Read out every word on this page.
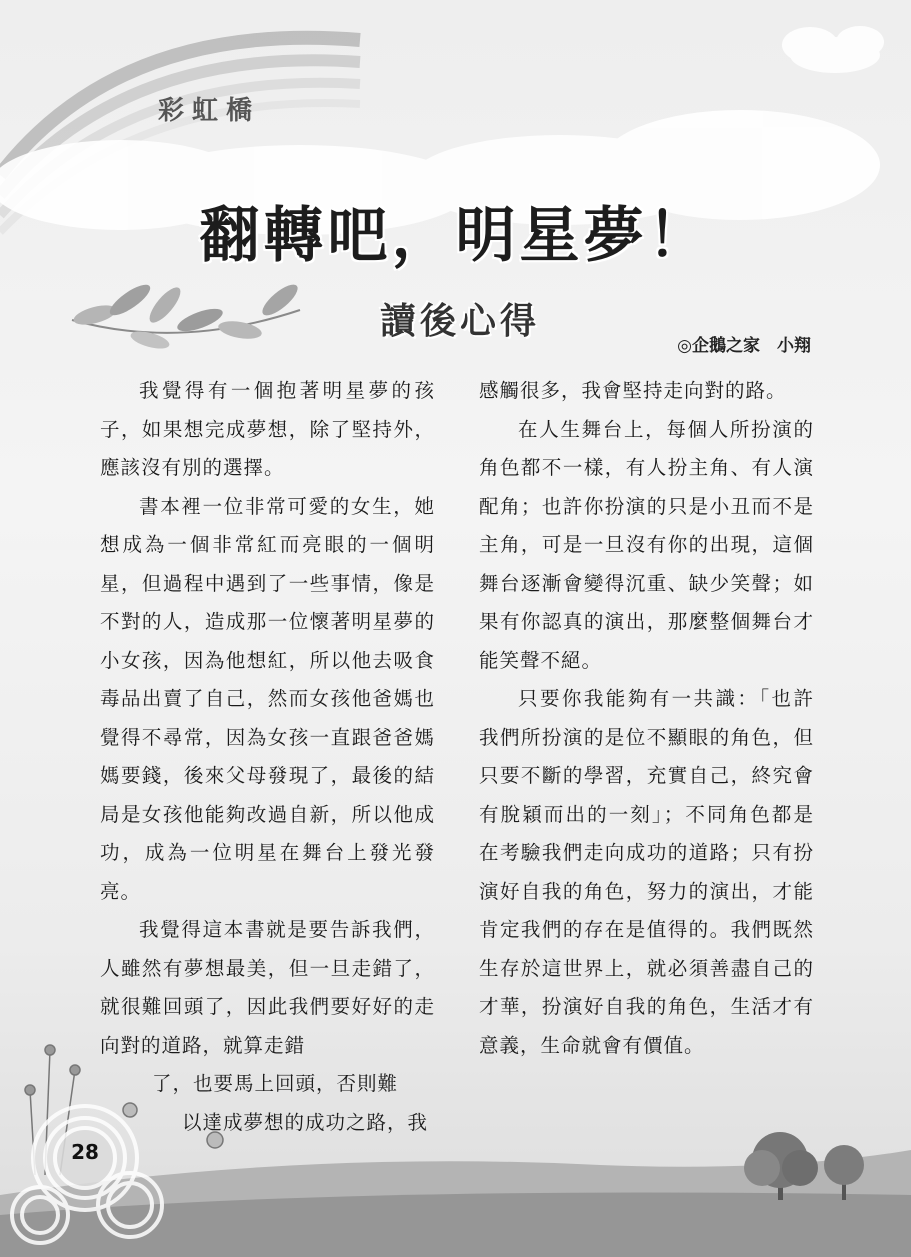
彩虹橋
翻轉吧，明星夢！
讀後心得
◎企鵝之家　小翔

我覺得有一個抱著明星夢的孩子，如果想完成夢想，除了堅持外，應該沒有別的選擇。

書本裡一位非常可愛的女生，她想成為一個非常紅而亮眼的一個明星，但過程中遇到了一些事情，像是不對的人，造成那一位懷著明星夢的小女孩，因為他想紅，所以他去吸食毒品出賣了自己，然而女孩他爸媽也覺得不尋常，因為女孩一直跟爸爸媽媽要錢，後來父母發現了，最後的結局是女孩他能夠改過自新，所以他成功，成為一位明星在舞台上發光發亮。

我覺得這本書就是要告訴我們，人雖然有夢想最美，但一旦走錯了，就很難回頭了，因此我們要好好的走向對的道路，就算走錯

了，也要馬上回頭，否則難

以達成夢想的成功之路，我

感觸很多，我會堅持走向對的路。

在人生舞台上，每個人所扮演的角色都不一樣，有人扮主角、有人演配角；也許你扮演的只是小丑而不是主角，可是一旦沒有你的出現，這個舞台逐漸會變得沉重、缺少笑聲；如果有你認真的演出，那麼整個舞台才能笑聲不絕。

只要你我能夠有一共識：「也許我們所扮演的是位不顯眼的角色，但只要不斷的學習，充實自己，終究會有脫穎而出的一刻」；不同角色都是在考驗我們走向成功的道路；只有扮演好自我的角色，努力的演出，才能肯定我們的存在是值得的。我們既然生存於這世界上，就必須善盡自己的才華，扮演好自我的角色，生活才有意義，生命就會有價值。

28
